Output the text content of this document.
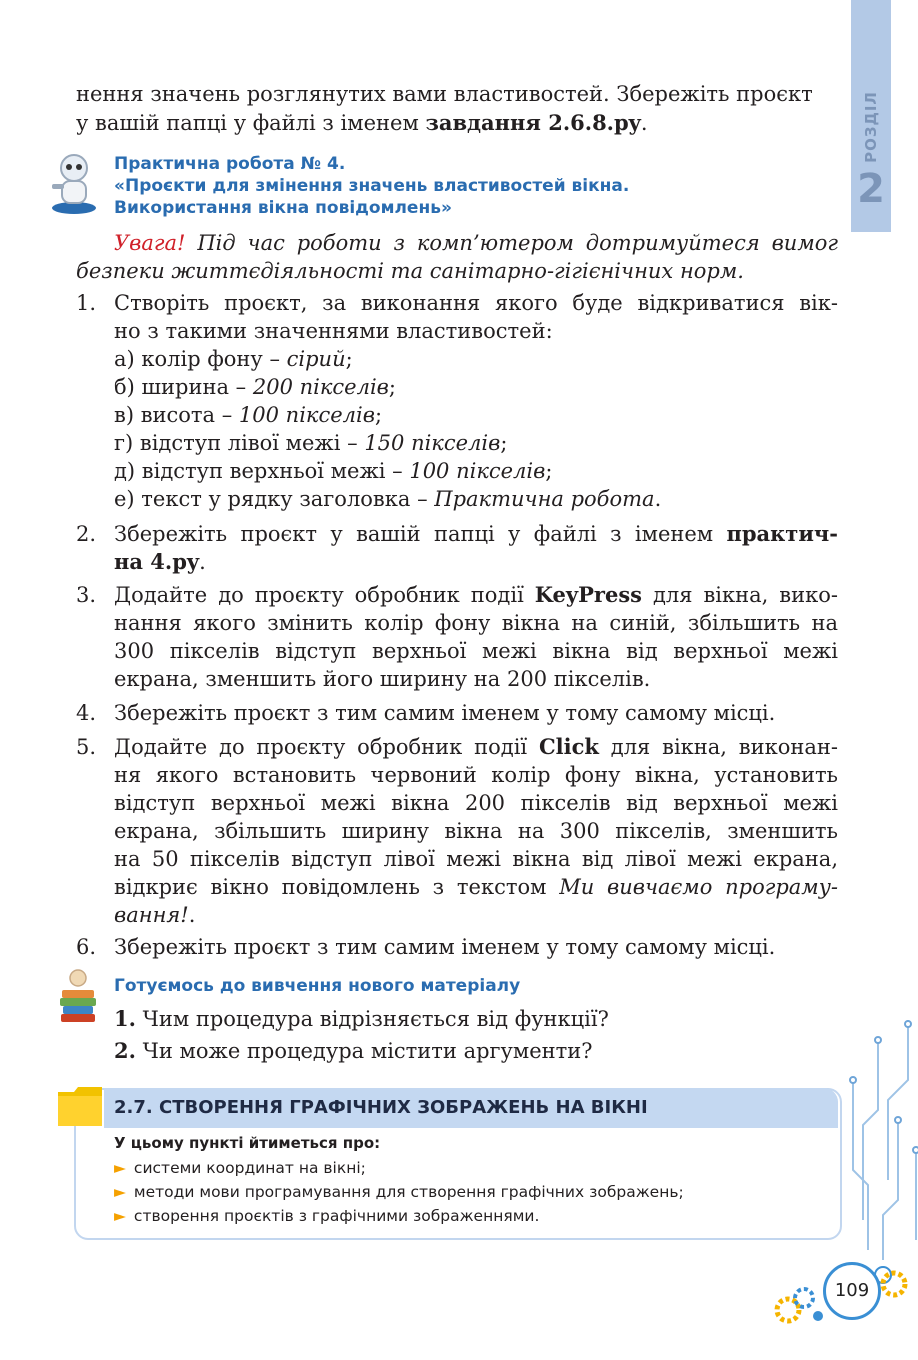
РОЗДІЛ
2
нення значень розглянутих вами властивостей. Збережіть проєкт
у вашій папці у файлі з іменем завдання 2.6.8.py.
Практична робота № 4.
«Проєкти для змінення значень властивостей вікна.
Використання вікна повідомлень»
Увага! Під час роботи з комп’ютером дотримуйтеся вимог
безпеки життєдіяльності та санітарно-гігієнічних норм.
1. Створіть проєкт, за виконання якого буде відкриватися вік-
но з такими значеннями властивостей:
а) колір фону – сірий;
б) ширина – 200 пікселів;
в) висота – 100 пікселів;
г) відступ лівої межі – 150 пікселів;
д) відступ верхньої межі – 100 пікселів;
е) текст у рядку заголовка – Практична робота.
2. Збережіть проєкт у вашій папці у файлі з іменем практич-
на 4.py.
3. Додайте до проєкту обробник події KeyPress для вікна, вико-
нання якого змінить колір фону вікна на синій, збільшить на
300 пікселів відступ верхньої межі вікна від верхньої межі
екрана, зменшить його ширину на 200 пікселів.
4. Збережіть проєкт з тим самим іменем у тому самому місці.
5. Додайте до проєкту обробник події Click для вікна, виконан-
ня якого встановить червоний колір фону вікна, установить
відступ верхньої межі вікна 200 пікселів від верхньої межі
екрана, збільшить ширину вікна на 300 пікселів, зменшить
на 50 пікселів відступ лівої межі вікна від лівої межі екрана,
відкриє вікно повідомлень з текстом Ми вивчаємо програму-
вання!.
6. Збережіть проєкт з тим самим іменем у тому самому місці.
Готуємось до вивчення нового матеріалу
1. Чим процедура відрізняється від функції?
2. Чи може процедура містити аргументи?
2.7. СТВОРЕННЯ ГРАФІЧНИХ ЗОБРАЖЕНЬ НА ВІКНІ
У цьому пункті йтиметься про:
► системи координат на вікні;
► методи мови програмування для створення графічних зображень;
► створення проєктів з графічними зображеннями.
109
